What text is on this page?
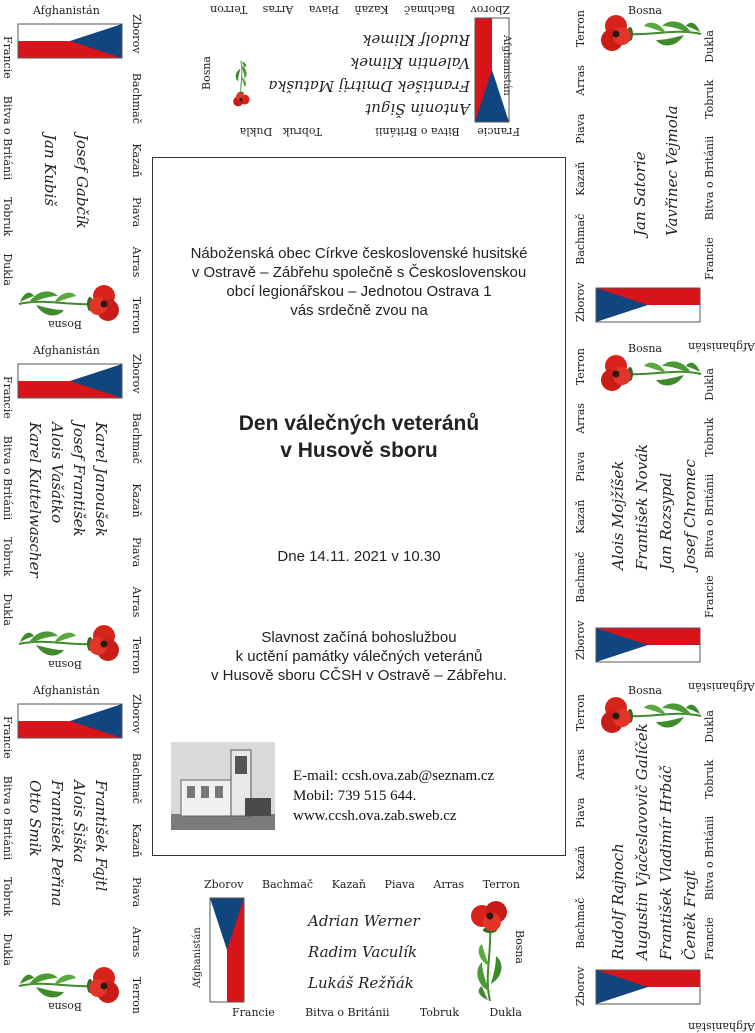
Antonín Šigut
František Dmitrij Matuška
Valentin Klimek
Rudolf Klimek
Francie     Bitva o Británii
Tobruk   Dukla
Zborov
Bachmač
Kazaň
Piava
Arras
Terron
Afghanistán
Bosna
Náboženská obec Církve československé husitské
v Ostravě – Zábřehu společně s Československou
obcí legionářskou – Jednotou Ostrava 1
vás srdečně zvou na
Den válečných veteránů
v Husově sboru
Dne 14.11. 2021 v 10.30
Slavnost začíná bohoslužbou
k uctění památky válečných veteránů
v Husově sboru CČSH v Ostravě – Zábřehu.
E-mail: ccsh.ova.zab@seznam.cz
Mobil: 739 515 644.
www.ccsh.ova.zab.sweb.cz
Afghanistán
Francie
Bitva o Británii
Tobruk
Dukla
Zborov
Bachmač
Kazaň
Piava
Arras
Terron
Josef Gabčík
Jan Kubiš
Bosna
Afghanistán
Francie
Bitva o Británii
Tobruk
Dukla
Zborov
Bachmač
Kazaň
Piava
Arras
Terron
Karel Janoušek
Josef František
Alois Vašátko
Karel Kuttelwascher
Bosna
Afghanistán
Francie
Bitva o Británii
Tobruk
Dukla
Zborov
Bachmač
Kazaň
Piava
Arras
Terron
František Fajtl
Alois Šiška
František Peřina
Otto Smik
Bosna
Bosna
Zborov
Bachmač
Kazaň
Piava
Arras
Terron
Francie
Bitva o Británii
Tobruk
Dukla
Jan Satorie Vavřinec Vejmola
Afghanistán
Bosna
Zborov
Bachmač
Kazaň
Piava
Arras
Terron
Francie
Bitva o Británii
Tobruk
Dukla
Alois Mojžíšek František Novák Jan Rozsypal Josef Chromec
Afghanistán
Bosna
Zborov
Bachmač
Kazaň
Piava
Arras
Terron
Francie
Bitva o Británii
Tobruk
Dukla
Rudolf Rajnoch Augustin Vjačeslavovič Galíček František Vladimír Hrbáč Čeněk Frajt
Afghanistán
Zborov Bachmač Kazaň Piava Arras Terron
Afghanistán
Adrian Werner
Radim Vaculík
Lukáš Režňák
Bosna
Francie	Bitva o Británii	Tobruk	Dukla
